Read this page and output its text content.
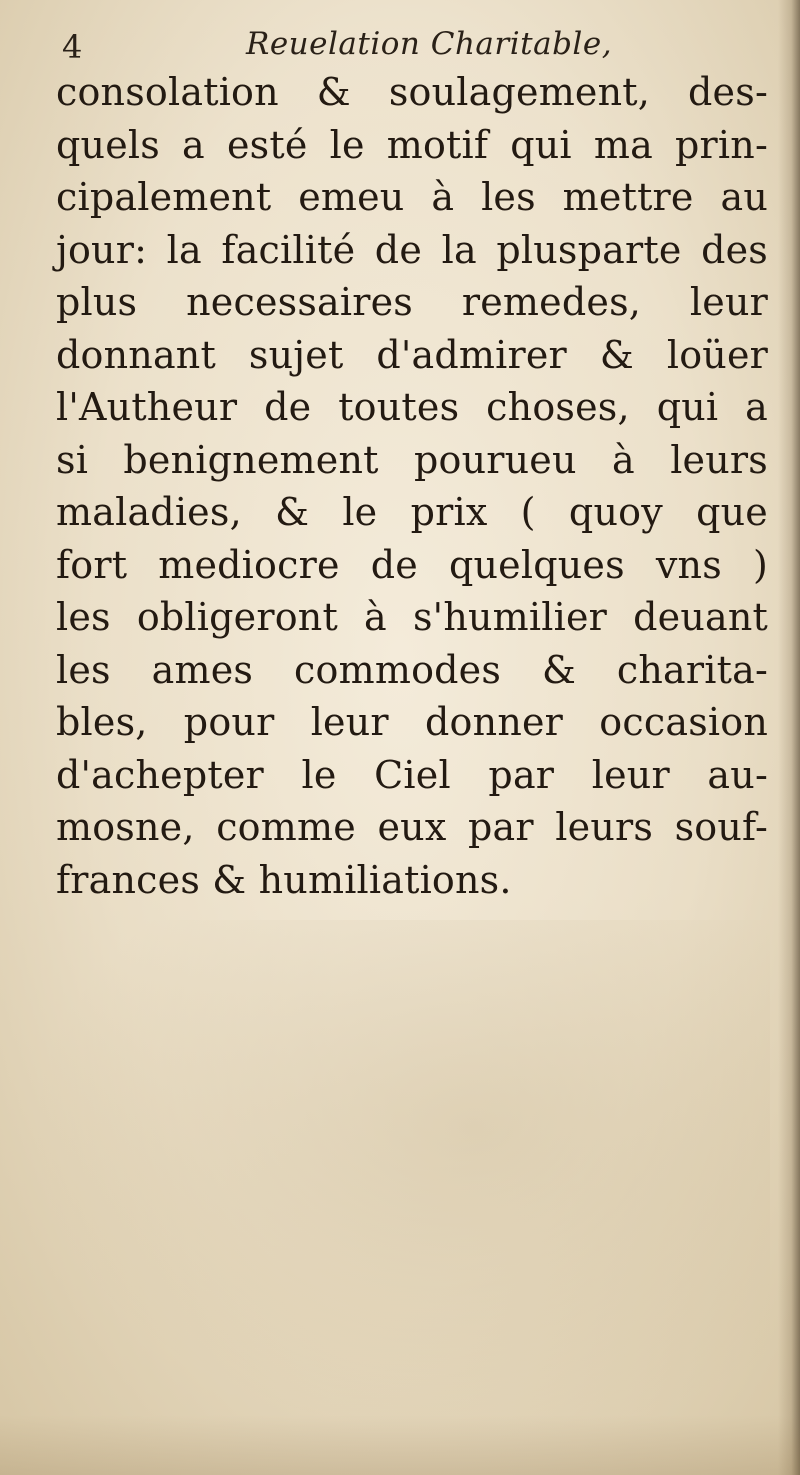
4	Reuelation Charitable,
consolation & soulagement, des-
quels a esté le motif qui ma prin-
cipalement emeu à les mettre au
jour: la facilité de la plusparte des
plus necessaires remedes, leur
donnant sujet d'admirer & loüer
l'Autheur de toutes choses, qui a
si benignement pourueu à leurs
maladies, & le prix ( quoy que
fort mediocre de quelques vns )
les obligeront à s'humilier deuant
les ames commodes & charita-
bles, pour leur donner occasion
d'achepter le Ciel par leur au-
mosne, comme eux par leurs souf-
frances & humiliations.
